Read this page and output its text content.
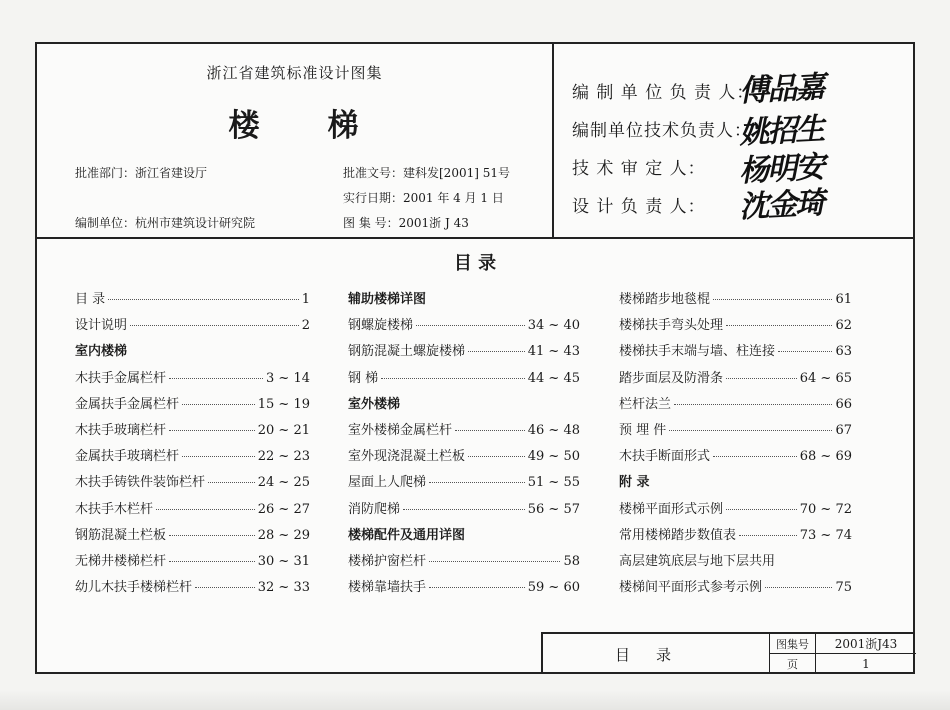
浙江省建筑标准设计图集
楼 梯
批准部门：浙江省建设厅
编制单位：杭州市建筑设计研究院
批准文号：建科发[2001] 51号
实行日期：2001 年 4 月 1 日
图 集 号：2001浙 J 43
编 制 单 位 负 责 人：
傅品嘉
编制单位技术负责人：
姚招生
技 术 审 定 人： 杨明安
设 计 负 责 人： 沈金琦
目 录
目 录	1
设计说明	2
室内楼梯
木扶手金属栏杆	3 ~ 14
金属扶手金属栏杆	15 ~ 19
木扶手玻璃栏杆	20 ~ 21
金属扶手玻璃栏杆	22 ~ 23
木扶手铸铁件装饰栏杆	24 ~ 25
木扶手木栏杆	26 ~ 27
钢筋混凝土栏板	28 ~ 29
无梯井楼梯栏杆	30 ~ 31
幼儿木扶手楼梯栏杆	32 ~ 33
辅助楼梯详图
钢螺旋楼梯	34 ~ 40
钢筋混凝土螺旋楼梯	41 ~ 43
钢 梯	44 ~ 45
室外楼梯
室外楼梯金属栏杆	46 ~ 48
室外现浇混凝土栏板	49 ~ 50
屋面上人爬梯	51 ~ 55
消防爬梯	56 ~ 57
楼梯配件及通用详图
楼梯护窗栏杆	58
楼梯靠墙扶手	59 ~ 60
楼梯踏步地毯棍	61
楼梯扶手弯头处理	62
楼梯扶手末端与墙、柱连接	63
踏步面层及防滑条	64 ~ 65
栏杆法兰	66
预 埋 件	67
木扶手断面形式	68 ~ 69
附 录
楼梯平面形式示例	70 ~ 72
常用楼梯踏步数值表	73 ~ 74
高层建筑底层与地下层共用
楼梯间平面形式参考示例	75
目录
图集号	2001浙J43
页	1
